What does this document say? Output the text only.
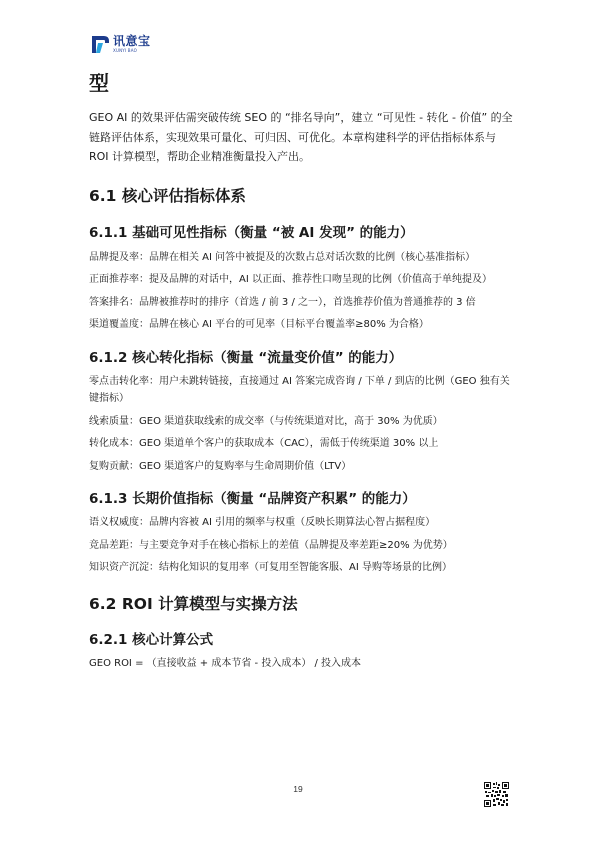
讯意宝
XUNYI BAO
型

GEO AI 的效果评估需突破传统 SEO 的 “排名导向”，建立 “可见性 - 转化 - 价值” 的全链路评估体系，实现效果可量化、可归因、可优化。本章构建科学的评估指标体系与 ROI 计算模型，帮助企业精准衡量投入产出。

6.1 核心评估指标体系
6.1.1 基础可见性指标（衡量 “被 AI 发现” 的能力）

品牌提及率：品牌在相关 AI 问答中被提及的次数占总对话次数的比例（核心基准指标）

正面推荐率：提及品牌的对话中，AI 以正面、推荐性口吻呈现的比例（价值高于单纯提及）

答案排名：品牌被推荐时的排序（首选 / 前 3 / 之一），首选推荐价值为普通推荐的 3 倍

渠道覆盖度：品牌在核心 AI 平台的可见率（目标平台覆盖率≥80% 为合格）

6.1.2 核心转化指标（衡量 “流量变价值” 的能力）

零点击转化率：用户未跳转链接，直接通过 AI 答案完成咨询 / 下单 / 到店的比例（GEO 独有关键指标）

线索质量：GEO 渠道获取线索的成交率（与传统渠道对比，高于 30% 为优质）

转化成本：GEO 渠道单个客户的获取成本（CAC），需低于传统渠道 30% 以上

复购贡献：GEO 渠道客户的复购率与生命周期价值（LTV）

6.1.3 长期价值指标（衡量 “品牌资产积累” 的能力）

语义权威度：品牌内容被 AI 引用的频率与权重（反映长期算法心智占据程度）

竞品差距：与主要竞争对手在核心指标上的差值（品牌提及率差距≥20% 为优势）

知识资产沉淀：结构化知识的复用率（可复用至智能客服、AI 导购等场景的比例）

6.2 ROI 计算模型与实操方法
6.2.1 核心计算公式

GEO ROI = （直接收益 + 成本节省 - 投入成本） / 投入成本

19
